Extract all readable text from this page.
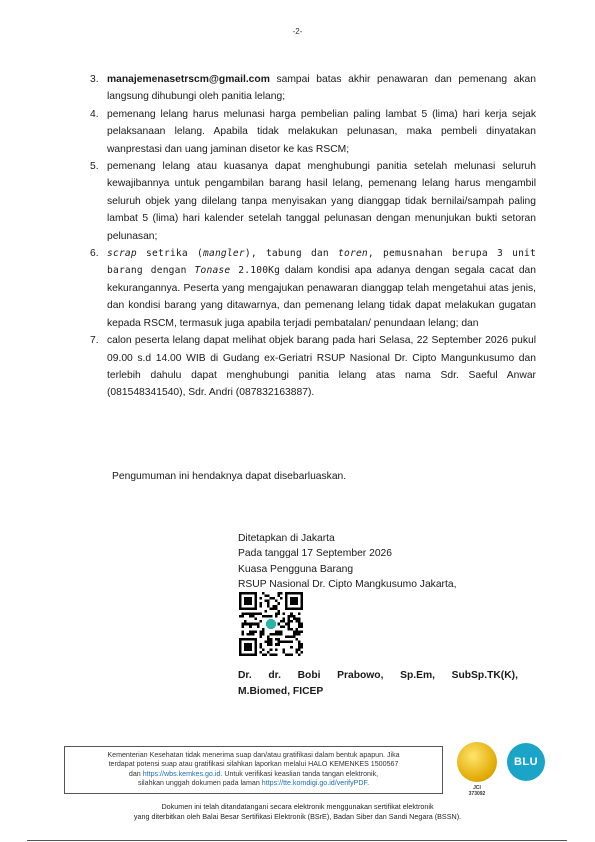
-2-
3. manajemenasetrscm@gmail.com sampai batas akhir penawaran dan pemenang akan langsung dihubungi oleh panitia lelang;
4. pemenang lelang harus melunasi harga pembelian paling lambat 5 (lima) hari kerja sejak pelaksanaan lelang. Apabila tidak melakukan pelunasan, maka pembeli dinyatakan wanprestasi dan uang jaminan disetor ke kas RSCM;
5. pemenang lelang atau kuasanya dapat menghubungi panitia setelah melunasi seluruh kewajibannya untuk pengambilan barang hasil lelang, pemenang lelang harus mengambil seluruh objek yang dilelang tanpa menyisakan yang dianggap tidak bernilai/sampah paling lambat 5 (lima) hari kalender setelah tanggal pelunasan dengan menunjukan bukti setoran pelunasan;
6. scrap setrika (mangler), tabung dan toren, pemusnahan berupa 3 unit barang dengan Tonase 2.100Kg dalam kondisi apa adanya dengan segala cacat dan kekurangannya. Peserta yang mengajukan penawaran dianggap telah mengetahui atas jenis, dan kondisi barang yang ditawarnya, dan pemenang lelang tidak dapat melakukan gugatan kepada RSCM, termasuk juga apabila terjadi pembatalan/ penundaan lelang; dan
7. calon peserta lelang dapat melihat objek barang pada hari Selasa, 22 September 2026 pukul 09.00 s.d 14.00 WIB di Gudang ex-Geriatri RSUP Nasional Dr. Cipto Mangunkusumo dan terlebih dahulu dapat menghubungi panitia lelang atas nama Sdr. Saeful Anwar (081548341540), Sdr. Andri (087832163887).
Pengumuman ini hendaknya dapat disebarluaskan.
Ditetapkan di Jakarta
Pada tanggal 17 September 2026
Kuasa Pengguna Barang
RSUP Nasional Dr. Cipto Mangkusumo Jakarta,
Dr. dr. Bobi Prabowo, Sp.Em, SubSp.TK(K),
M.Biomed, FICEP
Kementerian Kesehatan tidak menerima suap dan/atau gratifikasi dalam bentuk apapun. Jika
terdapat potensi suap atau gratifikasi silahkan laporkan melalui HALO KEMENKES 1500567
dan https://wbs.kemkes.go.id. Untuk verifikasi keaslian tanda tangan elektronik,
silahkan unggah dokumen pada laman https://tte.komdigi.go.id/verifyPDF.
JCI
373092
BLU
Dokumen ini telah ditandatangani secara elektronik menggunakan sertifikat elektronik
yang diterbitkan oleh Balai Besar Sertifikasi Elektronik (BSrE), Badan Siber dan Sandi Negara (BSSN).
